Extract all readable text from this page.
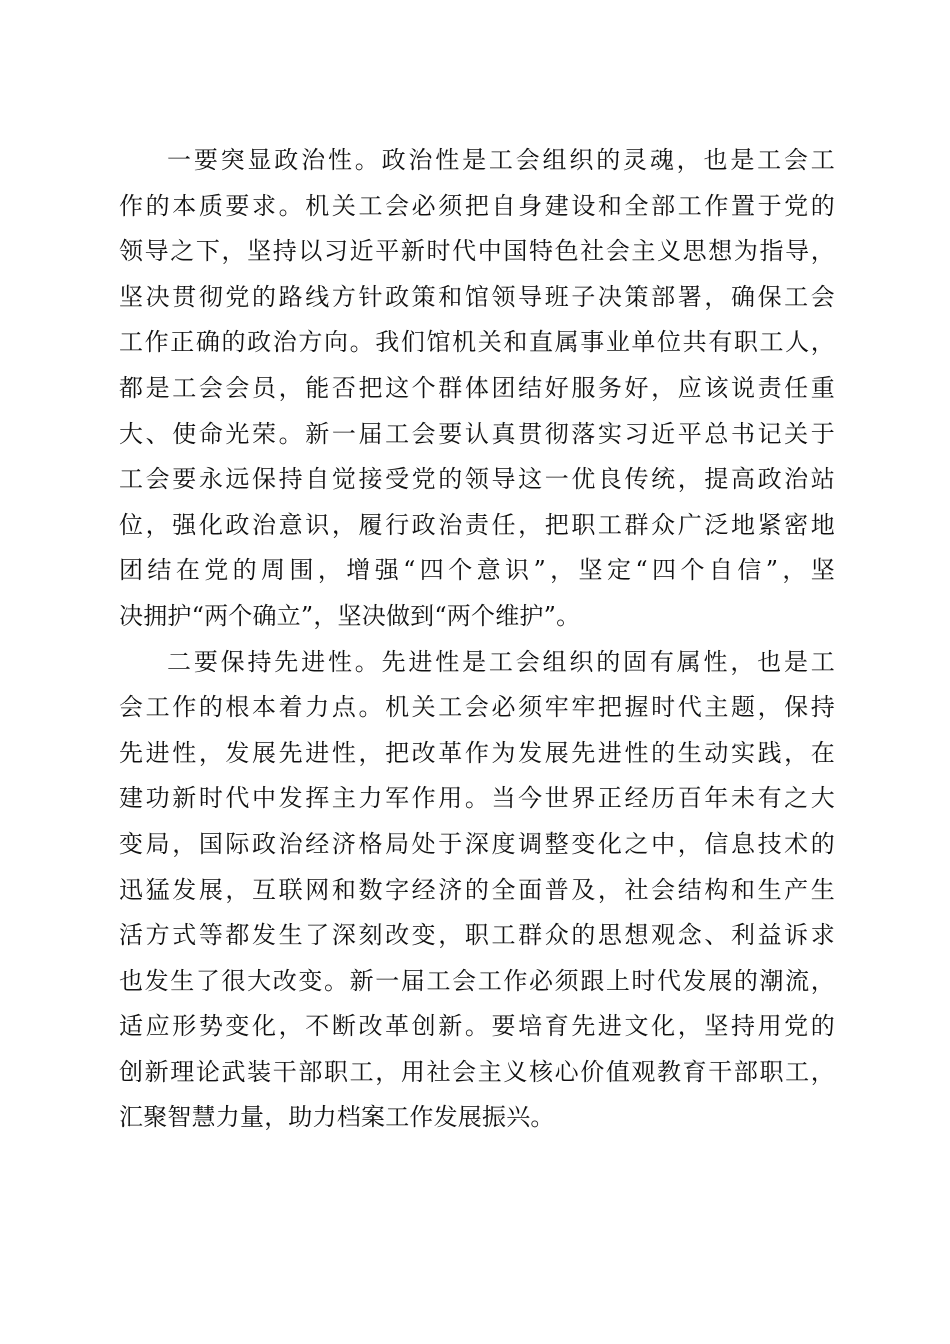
一要突显政治性。政治性是工会组织的灵魂，也是工会工
作的本质要求。机关工会必须把自身建设和全部工作置于党的
领导之下，坚持以习近平新时代中国特色社会主义思想为指导，
坚决贯彻党的路线方针政策和馆领导班子决策部署，确保工会
工作正确的政治方向。我们馆机关和直属事业单位共有职工人，
都是工会会员，能否把这个群体团结好服务好，应该说责任重
大、使命光荣。新一届工会要认真贯彻落实习近平总书记关于
工会要永远保持自觉接受党的领导这一优良传统，提高政治站
位，强化政治意识，履行政治责任，把职工群众广泛地紧密地
团结在党的周围，增强“四个意识”，坚定“四个自信”，坚
决拥护“两个确立”，坚决做到“两个维护”。
二要保持先进性。先进性是工会组织的固有属性，也是工
会工作的根本着力点。机关工会必须牢牢把握时代主题，保持
先进性，发展先进性，把改革作为发展先进性的生动实践，在
建功新时代中发挥主力军作用。当今世界正经历百年未有之大
变局，国际政治经济格局处于深度调整变化之中，信息技术的
迅猛发展，互联网和数字经济的全面普及，社会结构和生产生
活方式等都发生了深刻改变，职工群众的思想观念、利益诉求
也发生了很大改变。新一届工会工作必须跟上时代发展的潮流，
适应形势变化，不断改革创新。要培育先进文化，坚持用党的
创新理论武装干部职工，用社会主义核心价值观教育干部职工，
汇聚智慧力量，助力档案工作发展振兴。
